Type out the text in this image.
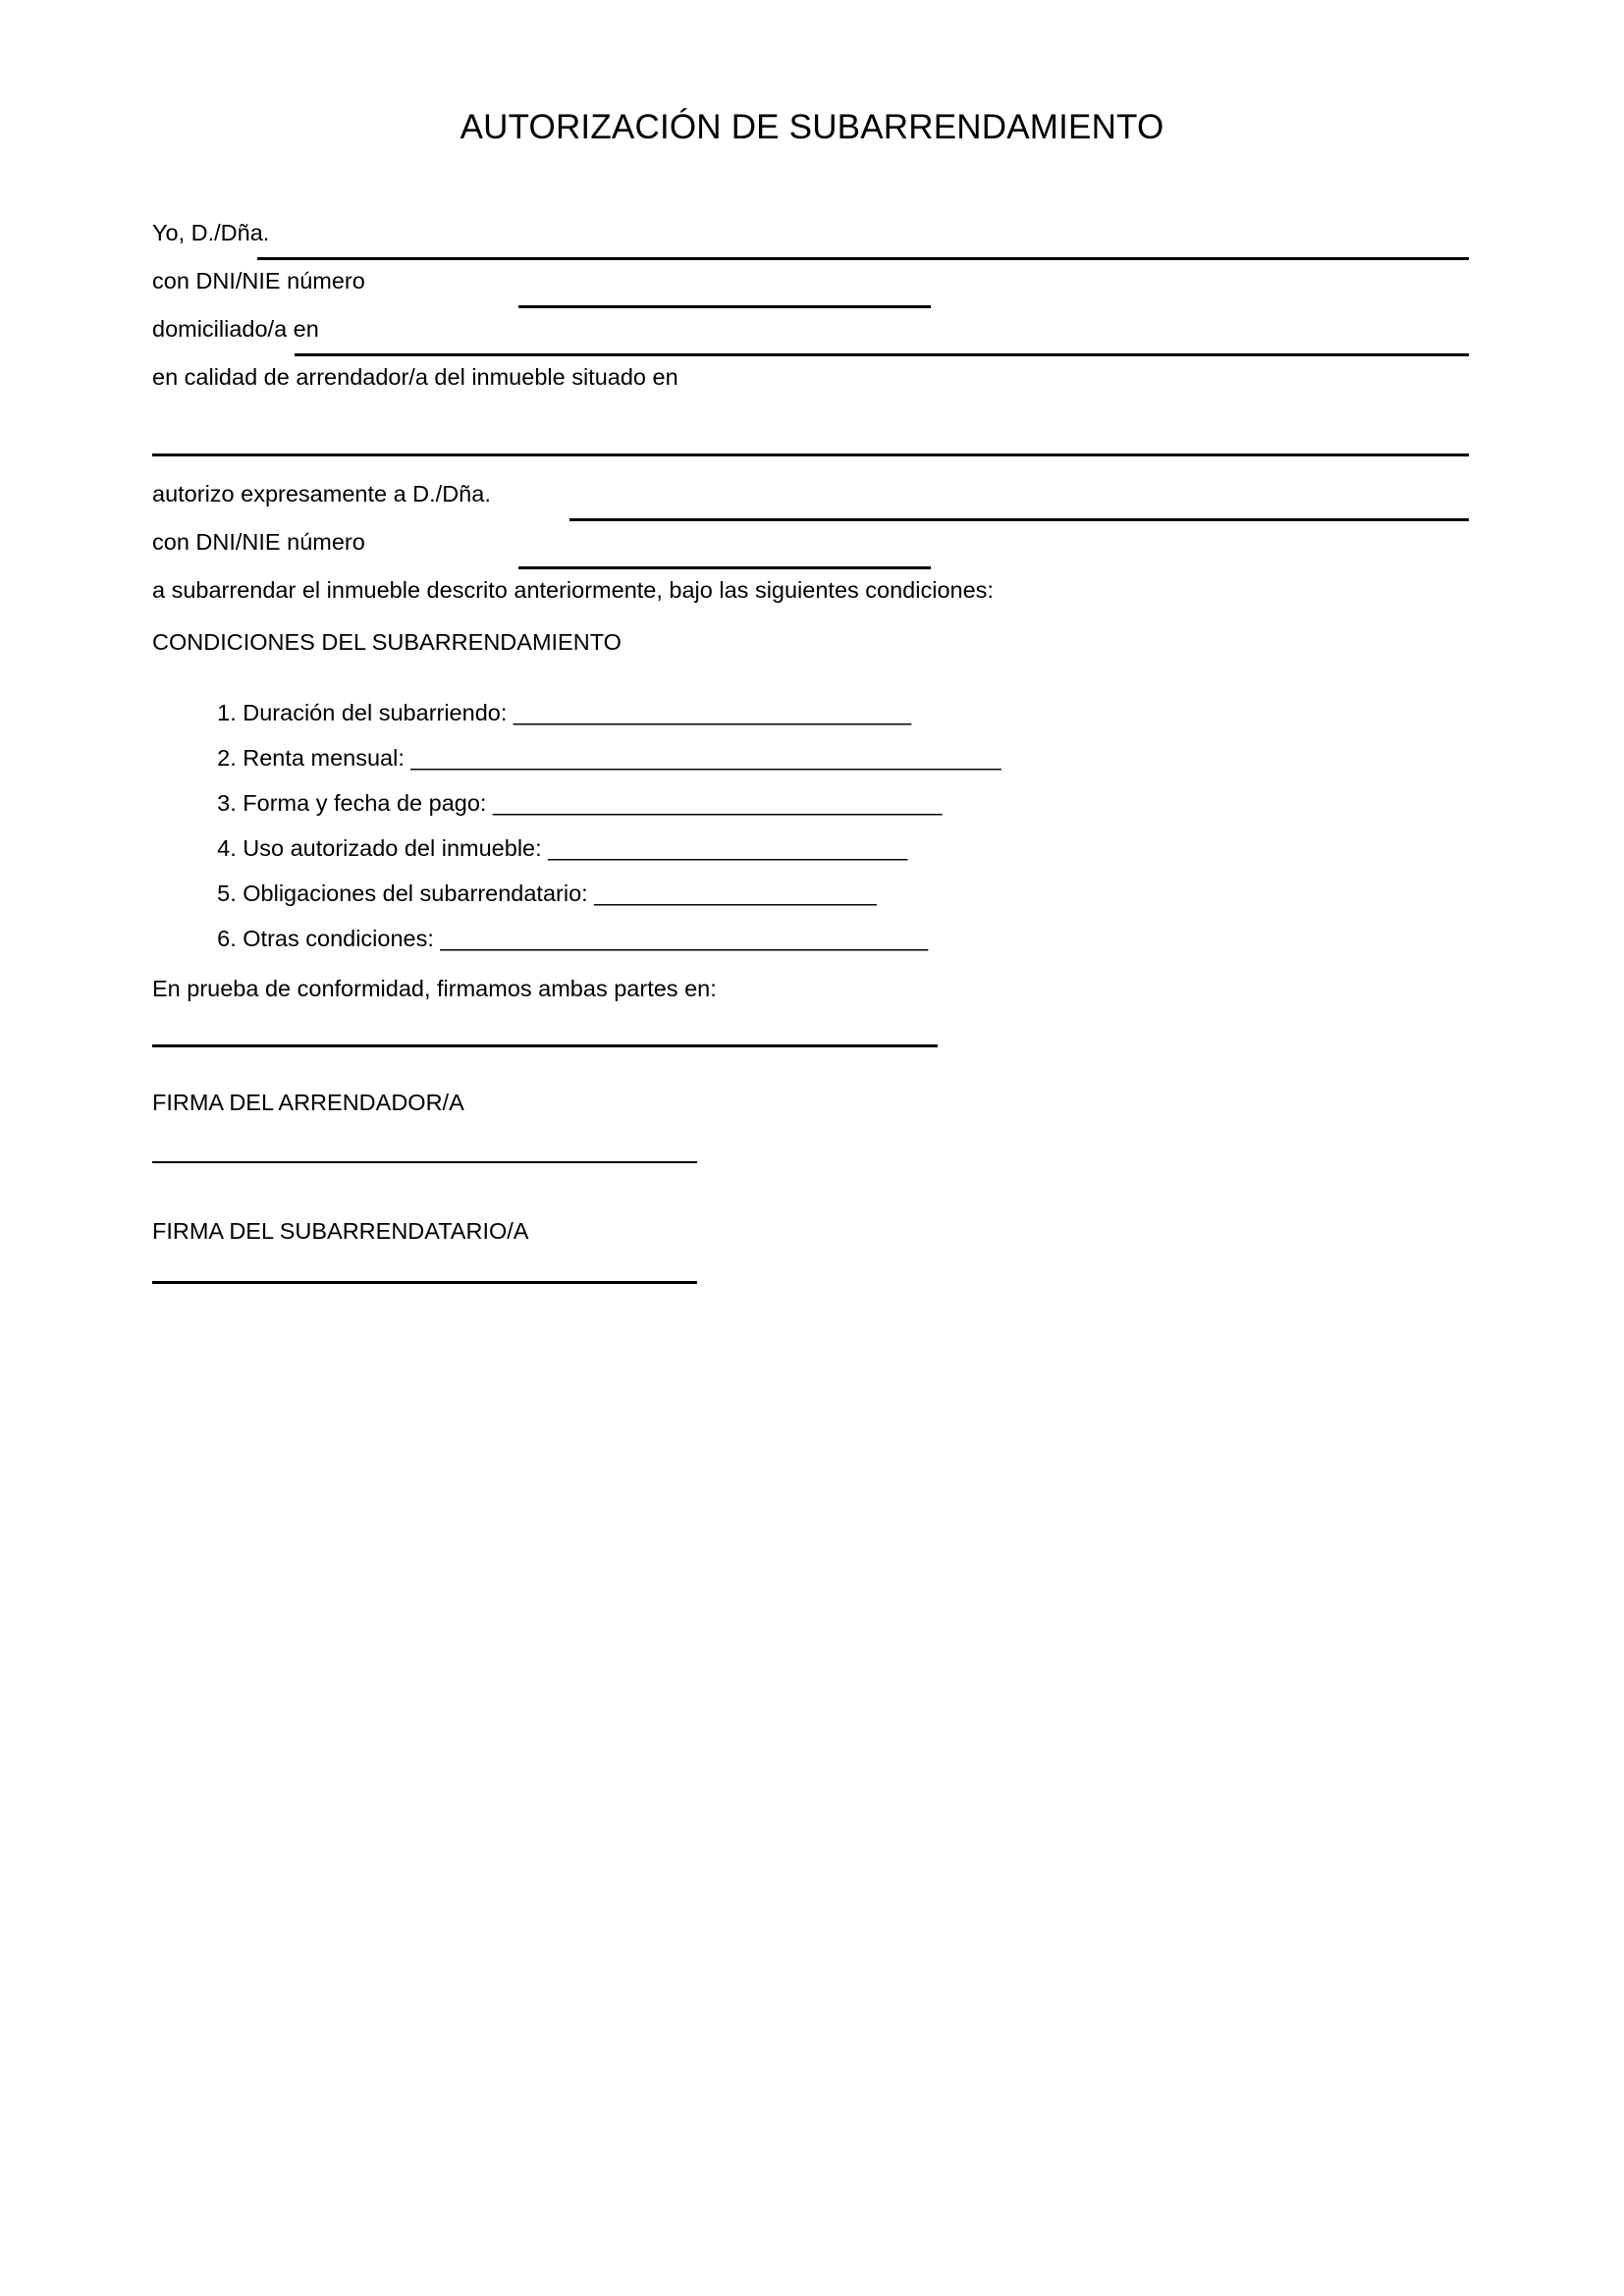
AUTORIZACIÓN DE SUBARRENDAMIENTO
Yo, D./Dña.
con DNI/NIE número
domiciliado/a en
en calidad de arrendador/a del inmueble situado en
autorizo expresamente a D./Dña.
con DNI/NIE número
a subarrendar el inmueble descrito anteriormente, bajo las siguientes condiciones:
CONDICIONES DEL SUBARRENDAMIENTO

1. Duración del subarriendo: _______________________________

2. Renta mensual: ______________________________________________

3. Forma y fecha de pago: ___________________________________

4. Uso autorizado del inmueble: ____________________________

5. Obligaciones del subarrendatario: ______________________

6. Otras condiciones: ______________________________________

En prueba de conformidad, firmamos ambas partes en:
FIRMA DEL ARRENDADOR/A
FIRMA DEL SUBARRENDATARIO/A
